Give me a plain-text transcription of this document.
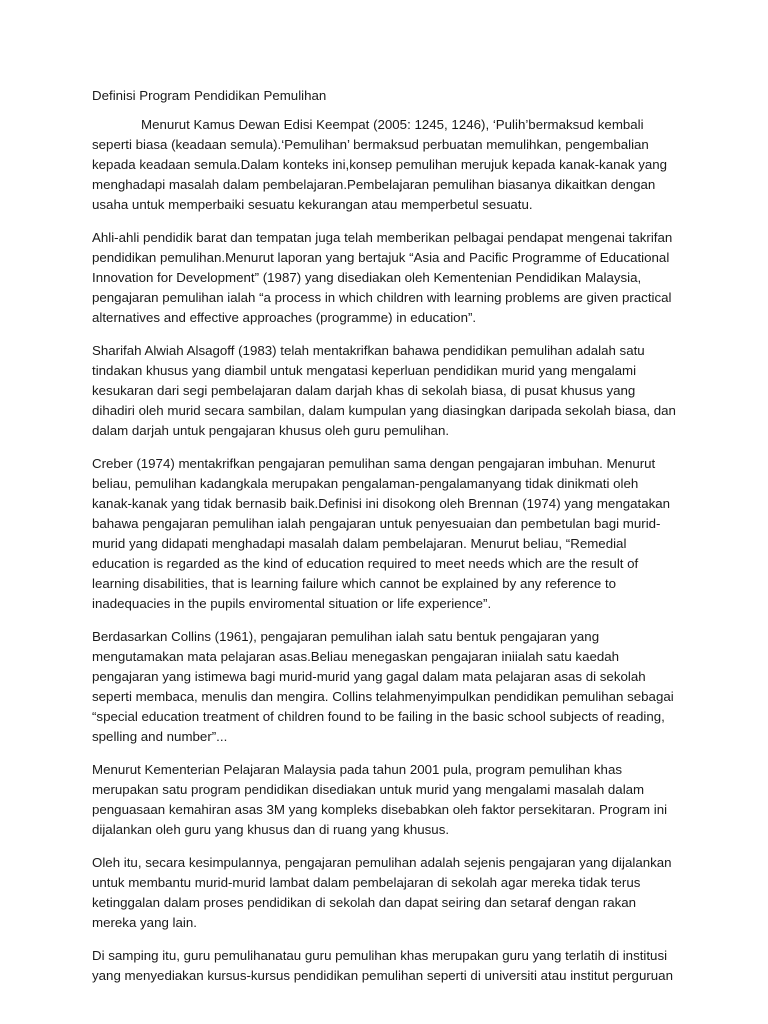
Definisi Program Pendidikan Pemulihan

Menurut Kamus Dewan Edisi Keempat (2005: 1245, 1246), ‘Pulih’bermaksud kembali seperti biasa (keadaan semula).‘Pemulihan’ bermaksud perbuatan memulihkan, pengembalian kepada keadaan semula.Dalam konteks ini,konsep pemulihan merujuk kepada kanak-kanak yang menghadapi masalah dalam pembelajaran.Pembelajaran pemulihan biasanya dikaitkan dengan usaha untuk memperbaiki sesuatu kekurangan atau memperbetul sesuatu.

Ahli-ahli pendidik barat dan tempatan juga telah memberikan pelbagai pendapat mengenai takrifan pendidikan pemulihan.Menurut laporan yang bertajuk “Asia and Pacific Programme of Educational Innovation for Development” (1987) yang disediakan oleh Kementenian Pendidikan Malaysia, pengajaran pemulihan ialah “a process in which children with learning problems are given practical alternatives and effective approaches (programme) in education”.

Sharifah Alwiah Alsagoff (1983) telah mentakrifkan bahawa pendidikan pemulihan adalah satu tindakan khusus yang diambil untuk mengatasi keperluan pendidikan murid yang mengalami kesukaran dari segi pembelajaran dalam darjah khas di sekolah biasa, di pusat khusus yang dihadiri oleh murid secara sambilan, dalam kumpulan yang diasingkan daripada sekolah biasa, dan dalam darjah untuk pengajaran khusus oleh guru pemulihan.

Creber (1974) mentakrifkan pengajaran pemulihan sama dengan pengajaran imbuhan. Menurut beliau, pemulihan kadangkala merupakan pengalaman-pengalamanyang tidak dinikmati oleh kanak-kanak yang tidak bernasib baik.Definisi ini disokong oleh Brennan (1974) yang mengatakan bahawa pengajaran pemulihan ialah pengajaran untuk penyesuaian dan pembetulan bagi murid-murid yang didapati menghadapi masalah dalam pembelajaran. Menurut beliau, “Remedial education is regarded as the kind of education required to meet needs which are the result of learning disabilities, that is learning failure which cannot be explained by any reference to inadequacies in the pupils enviromental situation or life experience”.

Berdasarkan Collins (1961), pengajaran pemulihan ialah satu bentuk pengajaran yang mengutamakan mata pelajaran asas.Beliau menegaskan pengajaran iniialah satu kaedah pengajaran yang istimewa bagi murid-murid yang gagal dalam mata pelajaran asas di sekolah seperti membaca, menulis dan mengira. Collins telahmenyimpulkan pendidikan pemulihan sebagai “special education treatment of children found to be failing in the basic school subjects of reading, spelling and number”...

Menurut Kementerian Pelajaran Malaysia pada tahun 2001 pula, program pemulihan khas merupakan satu program pendidikan disediakan untuk murid yang mengalami masalah dalam penguasaan kemahiran asas 3M yang kompleks disebabkan oleh faktor persekitaran. Program ini dijalankan oleh guru yang khusus dan di ruang yang khusus.

Oleh itu, secara kesimpulannya, pengajaran pemulihan adalah sejenis pengajaran yang dijalankan untuk membantu murid-murid lambat dalam pembelajaran di sekolah agar mereka tidak terus ketinggalan dalam proses pendidikan di sekolah dan dapat seiring dan setaraf dengan rakan mereka yang lain.

Di samping itu, guru pemulihanatau guru pemulihan khas merupakan guru yang terlatih di institusi yang menyediakan kursus-kursus pendidikan pemulihan seperti di universiti atau institut perguruan
